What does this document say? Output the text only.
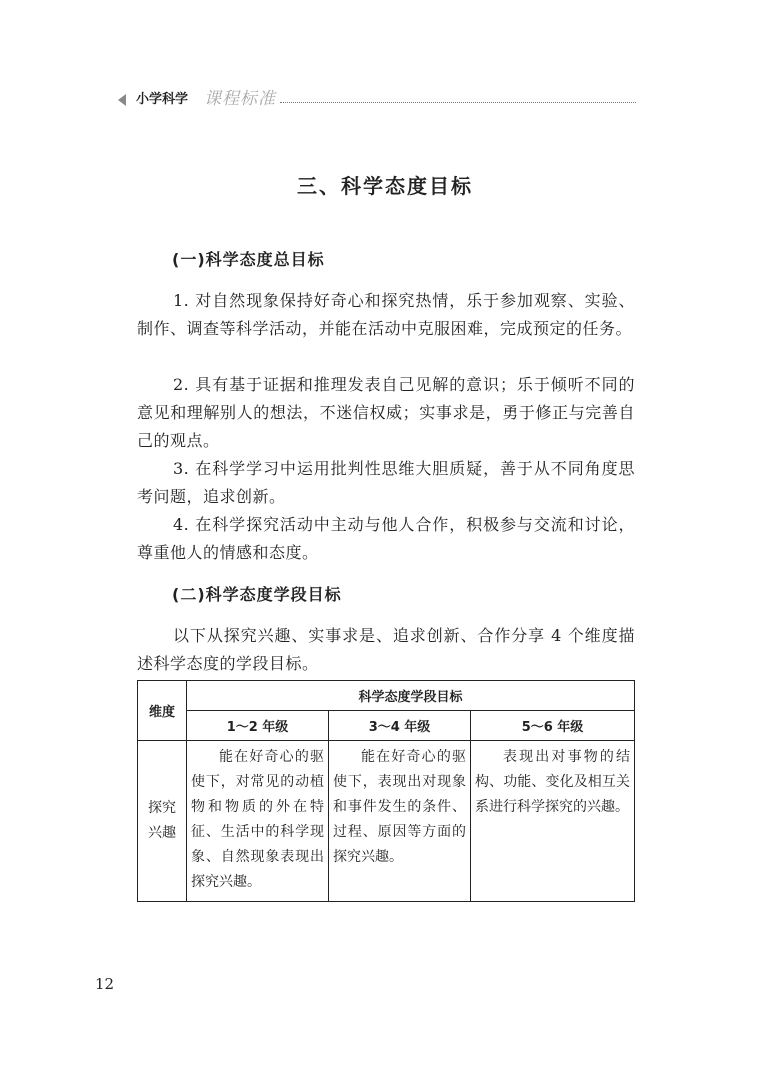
小学科学 课程标准
三、科学态度目标
(一)科学态度总目标
1. 对自然现象保持好奇心和探究热情，乐于参加观察、实验、制作、调查等科学活动，并能在活动中克服困难，完成预定的任务。
2. 具有基于证据和推理发表自己见解的意识；乐于倾听不同的意见和理解别人的想法，不迷信权威；实事求是，勇于修正与完善自己的观点。
3. 在科学学习中运用批判性思维大胆质疑，善于从不同角度思考问题，追求创新。
4. 在科学探究活动中主动与他人合作，积极参与交流和讨论，尊重他人的情感和态度。
(二)科学态度学段目标
以下从探究兴趣、实事求是、追求创新、合作分享 4 个维度描述科学态度的学段目标。
维度	科学态度学段目标		
	1～2 年级	3～4 年级	5～6 年级
探究兴趣	能在好奇心的驱使下，对常见的动植物和物质的外在特征、生活中的科学现象、自然现象表现出探究兴趣。	能在好奇心的驱使下，表现出对现象和事件发生的条件、过程、原因等方面的探究兴趣。	表现出对事物的结构、功能、变化及相互关系进行科学探究的兴趣。
12
